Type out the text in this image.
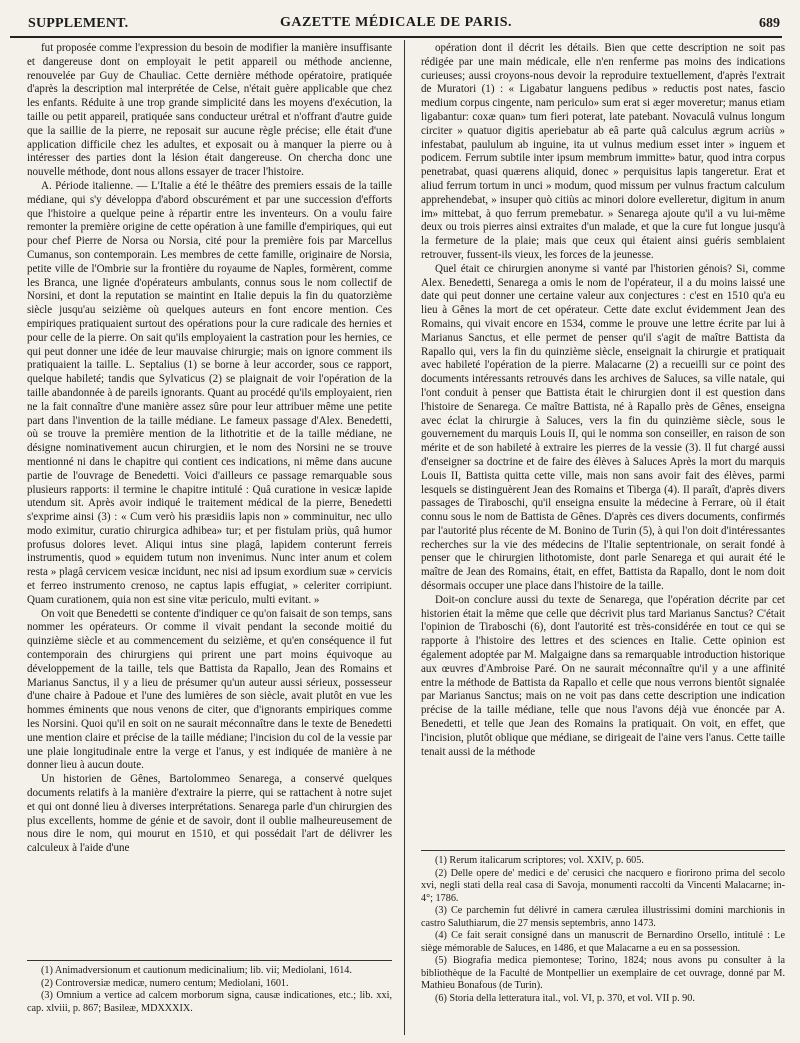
SUPPLEMENT.	GAZETTE MÉDICALE DE PARIS.	689

fut proposée comme l'expression du besoin de modifier la manière insuffisante et dangereuse dont on employait le petit appareil ou méthode ancienne, renouvelée par Guy de Chauliac. Cette dernière méthode opératoire, pratiquée d'après la description mal interprétée de Celse, n'était guère applicable que chez les enfants. Réduite à une trop grande simplicité dans les moyens d'exécution, la taille ou petit appareil, pratiquée sans conducteur urétral et n'offrant d'autre guide que la saillie de la pierre, ne reposait sur aucune règle précise; elle était d'une application difficile chez les adultes, et exposait ou à manquer la pierre ou à intéresser des parties dont la lésion était dangereuse. On chercha donc une nouvelle méthode, dont nous allons essayer de tracer l'histoire.

A. Période italienne. — L'Italie a été le théâtre des premiers essais de la taille médiane, qui s'y développa d'abord obscurément et par une succession d'efforts que l'histoire a quelque peine à répartir entre les inventeurs. On a voulu faire remonter la première origine de cette opération à une famille d'empiriques, qui eut pour chef Pierre de Norsa ou Norsia, cité pour la première fois par Marcellus Cumanus, son contemporain. Les membres de cette famille, originaire de Norsia, petite ville de l'Ombrie sur la frontière du royaume de Naples, formèrent, comme les Branca, une lignée d'opérateurs ambulants, connus sous le nom collectif de Norsini, et dont la reputation se maintint en Italie depuis la fin du quatorzième siècle jusqu'au seizième où quelques auteurs en font encore mention. Ces empiriques pratiquaient surtout des opérations pour la cure radicale des hernies et pour celle de la pierre. On sait qu'ils employaient la castration pour les hernies, ce qui peut donner une idée de leur mauvaise chirurgie; mais on ignore comment ils pratiquaient la taille. L. Septalius (1) se borne à leur accorder, sous ce rapport, quelque habileté; tandis que Sylvaticus (2) se plaignait de voir l'opération de la taille abandonnée à de pareils ignorants. Quant au procédé qu'ils employaient, rien ne la fait connaître d'une manière assez sûre pour leur attribuer même une petite part dans l'invention de la taille médiane. Le fameux passage d'Alex. Benedetti, où se trouve la première mention de la lithotritie et de la taille médiane, ne désigne nominativement aucun chirurgien, et le nom des Norsini ne se trouve mentionné ni dans le chapitre qui contient ces indications, ni même dans aucune partie de l'ouvrage de Benedetti. Voici d'ailleurs ce passage remarquable sous plusieurs rapports: il termine le chapitre intitulé : Quâ curatione in vesicæ lapide utendum sit. Après avoir indiqué le traitement médical de la pierre, Benedetti s'exprime ainsi (3) : « Cum verò his præsidiis lapis non » comminuitur, nec ullo modo eximitur, curatio chirurgica adhibea» tur; et per fistulam priùs, quâ humor profusus dolores levet. Aliqui intus sine plagâ, lapidem conterunt ferreis instrumentis, quod » equidem tutum non invenimus. Nunc inter anum et colem resta » plagâ cervicem vesicæ incidunt, nec nisi ad ipsum exordium suæ » cervicis et ferreo instrumento crenoso, ne captus lapis effugiat, » celeriter corripiunt. Quam curationem, quia non est sine vitæ periculo, multi evitant. »

On voit que Benedetti se contente d'indiquer ce qu'on faisait de son temps, sans nommer les opérateurs. Or comme il vivait pendant la seconde moitié du quinzième siècle et au commencement du seizième, et qu'en conséquence il fut contemporain des chirurgiens qui prirent une part moins équivoque au développement de la taille, tels que Battista da Rapallo, Jean des Romains et Marianus Sanctus, il y a lieu de présumer qu'un auteur aussi sérieux, possesseur d'une chaire à Padoue et l'une des lumières de son siècle, avait plutôt en vue les hommes éminents que nous venons de citer, que d'ignorants empiriques comme les Norsini. Quoi qu'il en soit on ne saurait méconnaître dans le texte de Benedetti une mention claire et précise de la taille médiane; l'incision du col de la vessie par une plaie longitudinale entre la verge et l'anus, y est indiquée de manière à ne donner lieu à aucun doute.

Un historien de Gênes, Bartolommeo Senarega, a conservé quelques documents relatifs à la manière d'extraire la pierre, qui se rattachent à notre sujet et qui ont donné lieu à diverses interprétations. Senarega parle d'un chirurgien des plus excellents, homme de génie et de savoir, dont il oublie malheureusement de nous dire le nom, qui mourut en 1510, et qui possédait l'art de délivrer les calculeux à l'aide d'une

(1) Animadversionum et cautionum medicinalium; lib. vii; Mediolani, 1614.
(2) Controversiæ medicæ, numero centum; Mediolani, 1601.
(3) Omnium a vertice ad calcem morborum signa, causæ indicationes, etc.; lib. xxi, cap. xlviii, p. 867; Basileæ, MDXXXIX.

opération dont il décrit les détails. Bien que cette description ne soit pas rédigée par une main médicale, elle n'en renferme pas moins des indications curieuses; aussi croyons-nous devoir la reproduire textuellement, d'après l'extrait de Muratori (1) : « Ligabatur languens pedibus » reductis post nates, fascio medium corpus cingente, nam periculo» sum erat si æger moveretur; manus etiam ligabantur: coxæ quan» tum fieri poterat, late patebant. Novaculâ vulnus longum circiter » quatuor digitis aperiebatur ab eâ parte quâ calculus ægrum acriùs » infestabat, paululum ab inguine, ita ut vulnus medium esset inter » inguem et podicem. Ferrum subtile inter ipsum membrum immitte» batur, quod intra corpus penetrabat, quasi quærens aliquid, donec » perquisitus lapis tangeretur. Erat et aliud ferrum tortum in unci » modum, quod missum per vulnus fractum calculum apprehendebat, » insuper quò citiùs ac minori dolore evelleretur, digitum in anum im» mittebat, à quo ferrum premebatur. » Senarega ajoute qu'il a vu lui-même deux ou trois pierres ainsi extraites d'un malade, et que la cure fut longue jusqu'à la fermeture de la plaie; mais que ceux qui étaient ainsi guéris semblaient retrouver, fussent-ils vieux, les forces de la jeunesse.

Quel était ce chirurgien anonyme si vanté par l'historien génois? Si, comme Alex. Benedetti, Senarega a omis le nom de l'opérateur, il a du moins laissé une date qui peut donner une certaine valeur aux conjectures : c'est en 1510 qu'a eu lieu à Gênes la mort de cet opérateur. Cette date exclut évidemment Jean des Romains, qui vivait encore en 1534, comme le prouve une lettre écrite par lui à Marianus Sanctus, et elle permet de penser qu'il s'agit de maître Battista da Rapallo qui, vers la fin du quinzième siècle, enseignait la chirurgie et pratiquait avec habileté l'opération de la pierre. Malacarne (2) a recueilli sur ce point des documents intéressants retrouvés dans les archives de Saluces, sa ville natale, qui l'ont conduit à penser que Battista était le chirurgien dont il est question dans l'histoire de Senarega. Ce maître Battista, né à Rapallo près de Gênes, enseigna avec éclat la chirurgie à Saluces, vers la fin du quinzième siècle, sous le gouvernement du marquis Louis II, qui le nomma son conseiller, en raison de son mérite et de son habileté à extraire les pierres de la vessie (3). Il fut chargé aussi d'enseigner sa doctrine et de faire des élèves à Saluces Après la mort du marquis Louis II, Battista quitta cette ville, mais non sans avoir fait des élèves, parmi lesquels se distinguèrent Jean des Romains et Tiberga (4). Il paraît, d'après divers passages de Tiraboschi, qu'il enseigna ensuite la médecine à Ferrare, où il était connu sous le nom de Battista de Gênes. D'après ces divers documents, confirmés par l'autorité plus récente de M. Bonino de Turin (5), à qui l'on doit d'intéressantes recherches sur la vie des médecins de l'Italie septentrionale, on serait fondé à penser que le chirurgien lithotomiste, dont parle Senarega et qui aurait été le maître de Jean des Romains, était, en effet, Battista da Rapallo, dont le nom doit désormais occuper une place dans l'histoire de la taille.

Doit-on conclure aussi du texte de Senarega, que l'opération décrite par cet historien était la même que celle que décrivit plus tard Marianus Sanctus? C'était l'opinion de Tiraboschi (6), dont l'autorité est très-considérée en tout ce qui se rapporte à l'histoire des lettres et des sciences en Italie. Cette opinion est également adoptée par M. Malgaigne dans sa remarquable introduction historique aux œuvres d'Ambroise Paré. On ne saurait méconnaître qu'il y a une affinité entre la méthode de Battista da Rapallo et celle que nous verrons bientôt signalée par Marianus Sanctus; mais on ne voit pas dans cette description une indication précise de la taille médiane, telle que nous l'avons déjà vue énoncée par A. Benedetti, et telle que Jean des Romains la pratiquait. On voit, en effet, que l'incision, plutôt oblique que médiane, se dirigeait de l'aine vers l'anus. Cette taille tenait aussi de la méthode

(1) Rerum italicarum scriptores; vol. XXIV, p. 605.
(2) Delle opere de' medici e de' cerusici che nacquero e fiorirono prima del secolo xvi, negli stati della real casa di Savoja, monumenti raccolti da Vincenti Malacarne; in-4°; 1786.
(3) Ce parchemin fut délivré in camera cærulea illustrissimi domini marchionis in castro Saluthiarum, die 27 mensis septembris, anno 1473.
(4) Ce fait serait consigné dans un manuscrit de Bernardino Orsello, intitulé : Le siège mémorable de Saluces, en 1486, et que Malacarne a eu en sa possession.
(5) Biografia medica piemontese; Torino, 1824; nous avons pu consulter à la bibliothèque de la Faculté de Montpellier un exemplaire de cet ouvrage, donné par M. Mathieu Bonafous (de Turin).
(6) Storia della letteratura ital., vol. VI, p. 370, et vol. VII p. 90.
